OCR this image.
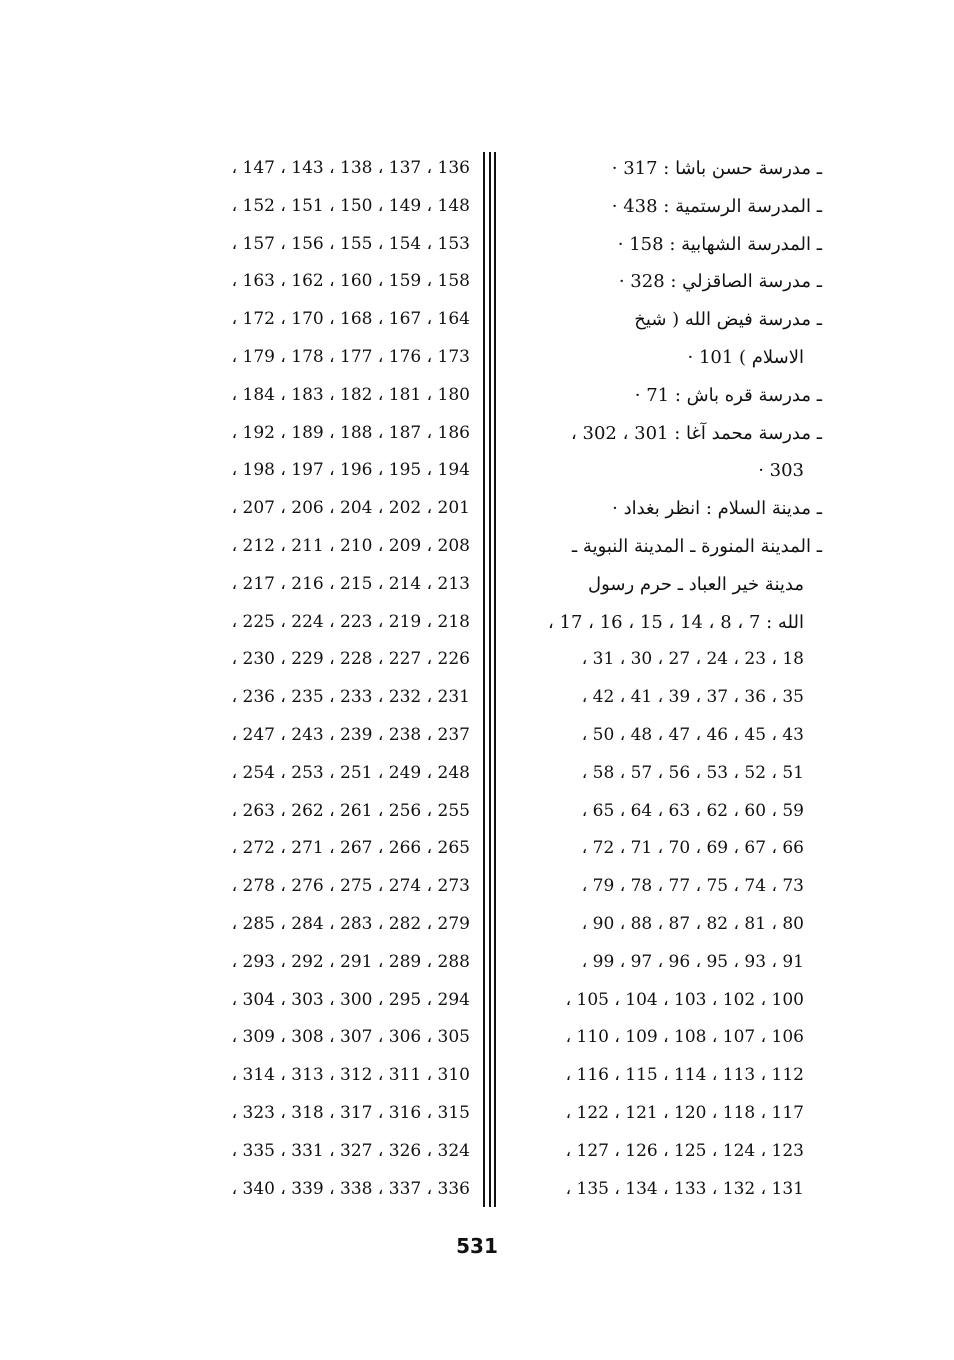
136 ، 137 ، 138 ، 143 ، 147 ،
148 ، 149 ، 150 ، 151 ، 152 ،
153 ، 154 ، 155 ، 156 ، 157 ،
158 ، 159 ، 160 ، 162 ، 163 ،
164 ، 167 ، 168 ، 170 ، 172 ،
173 ، 176 ، 177 ، 178 ، 179 ،
180 ، 181 ، 182 ، 183 ، 184 ،
186 ، 187 ، 188 ، 189 ، 192 ،
194 ، 195 ، 196 ، 197 ، 198 ،
201 ، 202 ، 204 ، 206 ، 207 ،
208 ، 209 ، 210 ، 211 ، 212 ،
213 ، 214 ، 215 ، 216 ، 217 ،
218 ، 219 ، 223 ، 224 ، 225 ،
226 ، 227 ، 228 ، 229 ، 230 ،
231 ، 232 ، 233 ، 235 ، 236 ،
237 ، 238 ، 239 ، 243 ، 247 ،
248 ، 249 ، 251 ، 253 ، 254 ،
255 ، 256 ، 261 ، 262 ، 263 ،
265 ، 266 ، 267 ، 271 ، 272 ،
273 ، 274 ، 275 ، 276 ، 278 ،
279 ، 282 ، 283 ، 284 ، 285 ،
288 ، 289 ، 291 ، 292 ، 293 ،
294 ، 295 ، 300 ، 303 ، 304 ،
305 ، 306 ، 307 ، 308 ، 309 ،
310 ، 311 ، 312 ، 313 ، 314 ،
315 ، 316 ، 317 ، 318 ، 323 ،
324 ، 326 ، 327 ، 331 ، 335 ،
336 ، 337 ، 338 ، 339 ، 340 ،
ـ مدرسة حسن باشا : 317 ·
ـ المدرسة الرستمية : 438 ·
ـ المدرسة الشهابية : 158 ·
ـ مدرسة الصاقزلي : 328 ·
ـ مدرسة فيض الله ( شيخ
الاسلام ) 101 ·
ـ مدرسة قره باش : 71 ·
ـ مدرسة محمد آغا : 301 ، 302 ،
303 ·
ـ مدينة السلام : انظر بغداد ·
ـ المدينة المنورة ـ المدينة النبوية ـ
مدينة خير العباد ـ حرم رسول
الله : 7 ، 8 ، 14 ، 15 ، 16 ، 17 ،
18 ، 23 ، 24 ، 27 ، 30 ، 31 ،
35 ، 36 ، 37 ، 39 ، 41 ، 42 ،
43 ، 45 ، 46 ، 47 ، 48 ، 50 ،
51 ، 52 ، 53 ، 56 ، 57 ، 58 ،
59 ، 60 ، 62 ، 63 ، 64 ، 65 ،
66 ، 67 ، 69 ، 70 ، 71 ، 72 ،
73 ، 74 ، 75 ، 77 ، 78 ، 79 ،
80 ، 81 ، 82 ، 87 ، 88 ، 90 ،
91 ، 93 ، 95 ، 96 ، 97 ، 99 ،
100 ، 102 ، 103 ، 104 ، 105 ،
106 ، 107 ، 108 ، 109 ، 110 ،
112 ، 113 ، 114 ، 115 ، 116 ،
117 ، 118 ، 120 ، 121 ، 122 ،
123 ، 124 ، 125 ، 126 ، 127 ،
131 ، 132 ، 133 ، 134 ، 135 ،
531
